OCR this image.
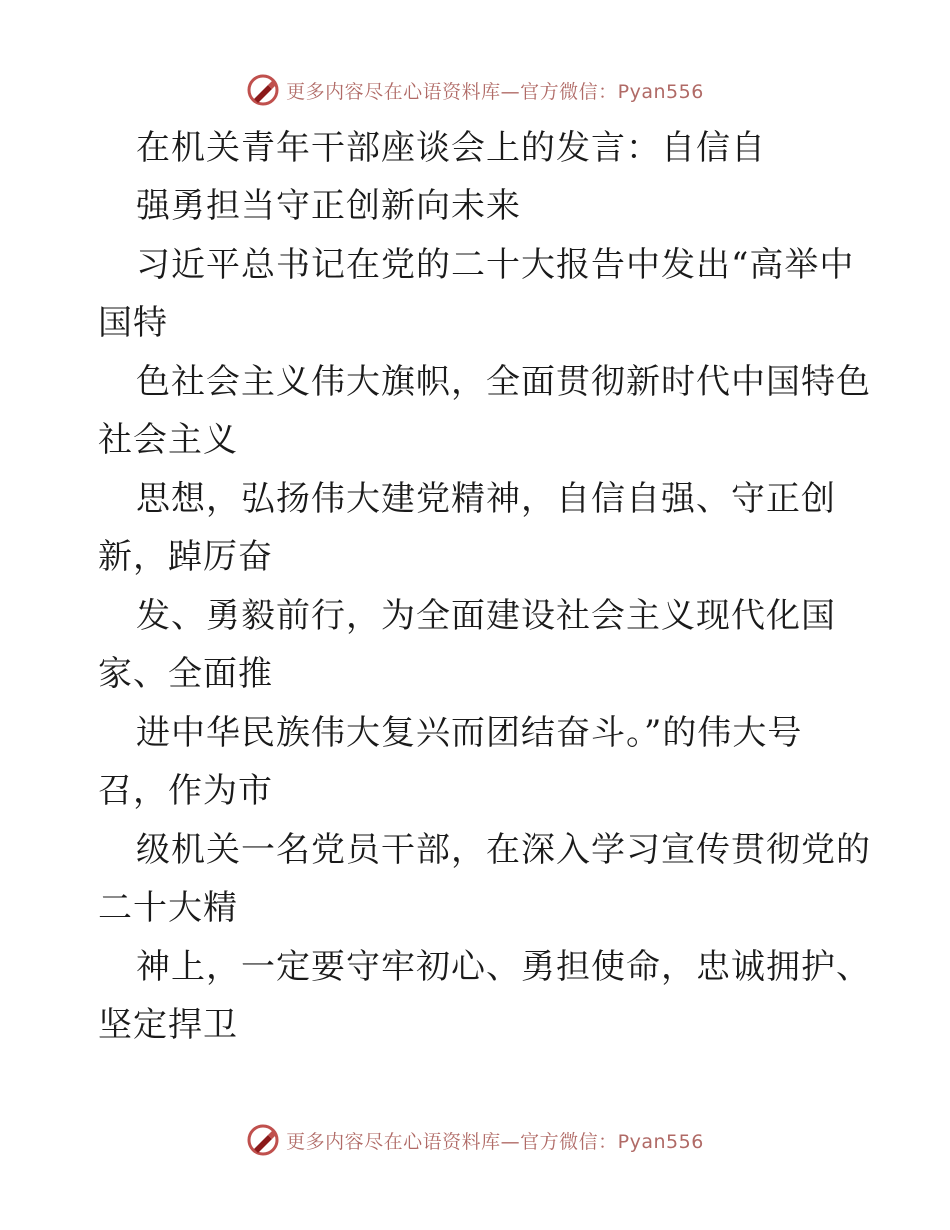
更多内容尽在心语资料库—官方微信：Pyan556
在机关青年干部座谈会上的发言：自信自
强勇担当守正创新向未来
习近平总书记在党的二十大报告中发出“高举中
国特
色社会主义伟大旗帜，全面贯彻新时代中国特色
社会主义
思想，弘扬伟大建党精神，自信自强、守正创
新，踔厉奋
发、勇毅前行，为全面建设社会主义现代化国
家、全面推
进中华民族伟大复兴而团结奋斗。”的伟大号
召，作为市
级机关一名党员干部，在深入学习宣传贯彻党的
二十大精
神上，一定要守牢初心、勇担使命，忠诚拥护、
坚定捍卫
更多内容尽在心语资料库—官方微信：Pyan556
